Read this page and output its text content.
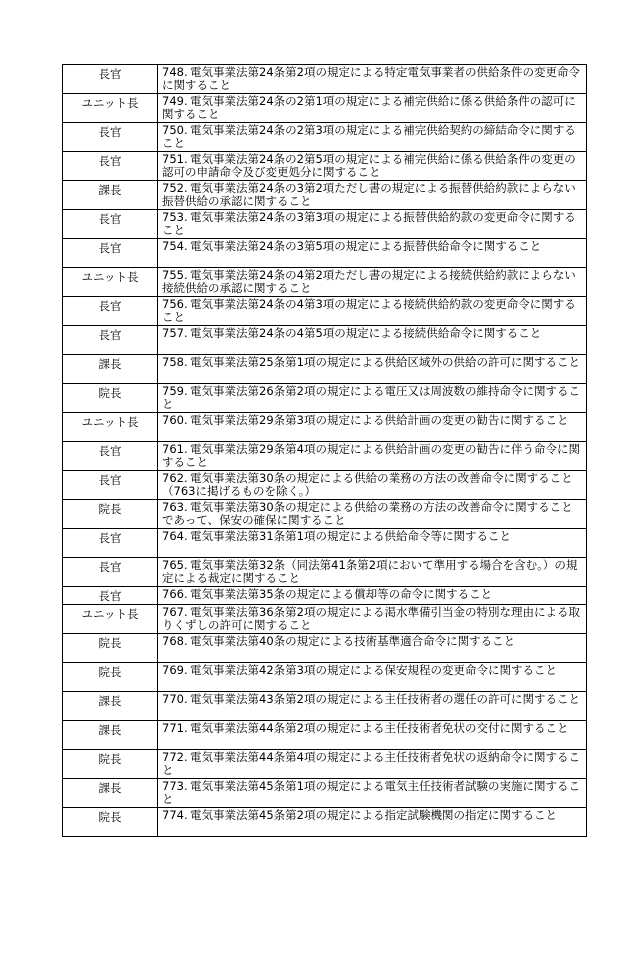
長官	748. 電気事業法第24条第2項の規定による特定電気事業者の供給条件の変更命令に関すること
ユニット長	749. 電気事業法第24条の2第1項の規定による補完供給に係る供給条件の認可に関すること
長官	750. 電気事業法第24条の2第3項の規定による補完供給契約の締結命令に関すること
長官	751. 電気事業法第24条の2第5項の規定による補完供給に係る供給条件の変更の認可の申請命令及び変更処分に関すること
課長	752. 電気事業法第24条の3第2項ただし書の規定による振替供給約款によらない振替供給の承認に関すること
長官	753. 電気事業法第24条の3第3項の規定による振替供給約款の変更命令に関すること
長官	754. 電気事業法第24条の3第5項の規定による振替供給命令に関すること
ユニット長	755. 電気事業法第24条の4第2項ただし書の規定による接続供給約款によらない接続供給の承認に関すること
長官	756. 電気事業法第24条の4第3項の規定による接続供給約款の変更命令に関すること
長官	757. 電気事業法第24条の4第5項の規定による接続供給命令に関すること
課長	758. 電気事業法第25条第1項の規定による供給区域外の供給の許可に関すること
院長	759. 電気事業法第26条第2項の規定による電圧又は周波数の維持命令に関すること
ユニット長	760. 電気事業法第29条第3項の規定による供給計画の変更の勧告に関すること
長官	761. 電気事業法第29条第4項の規定による供給計画の変更の勧告に伴う命令に関すること
長官	762. 電気事業法第30条の規定による供給の業務の方法の改善命令に関すること（763に掲げるものを除く。）
院長	763. 電気事業法第30条の規定による供給の業務の方法の改善命令に関することであって、保安の確保に関すること
長官	764. 電気事業法第31条第1項の規定による供給命令等に関すること
長官	765. 電気事業法第32条（同法第41条第2項において準用する場合を含む。）の規定による裁定に関すること
長官	766. 電気事業法第35条の規定による償却等の命令に関すること
ユニット長	767. 電気事業法第36条第2項の規定による渇水準備引当金の特別な理由による取りくずしの許可に関すること
院長	768. 電気事業法第40条の規定による技術基準適合命令に関すること
院長	769. 電気事業法第42条第3項の規定による保安規程の変更命令に関すること
課長	770. 電気事業法第43条第2項の規定による主任技術者の選任の許可に関すること
課長	771. 電気事業法第44条第2項の規定による主任技術者免状の交付に関すること
院長	772. 電気事業法第44条第4項の規定による主任技術者免状の返納命令に関すること
課長	773. 電気事業法第45条第1項の規定による電気主任技術者試験の実施に関すること
院長	774. 電気事業法第45条第2項の規定による指定試験機関の指定に関すること
